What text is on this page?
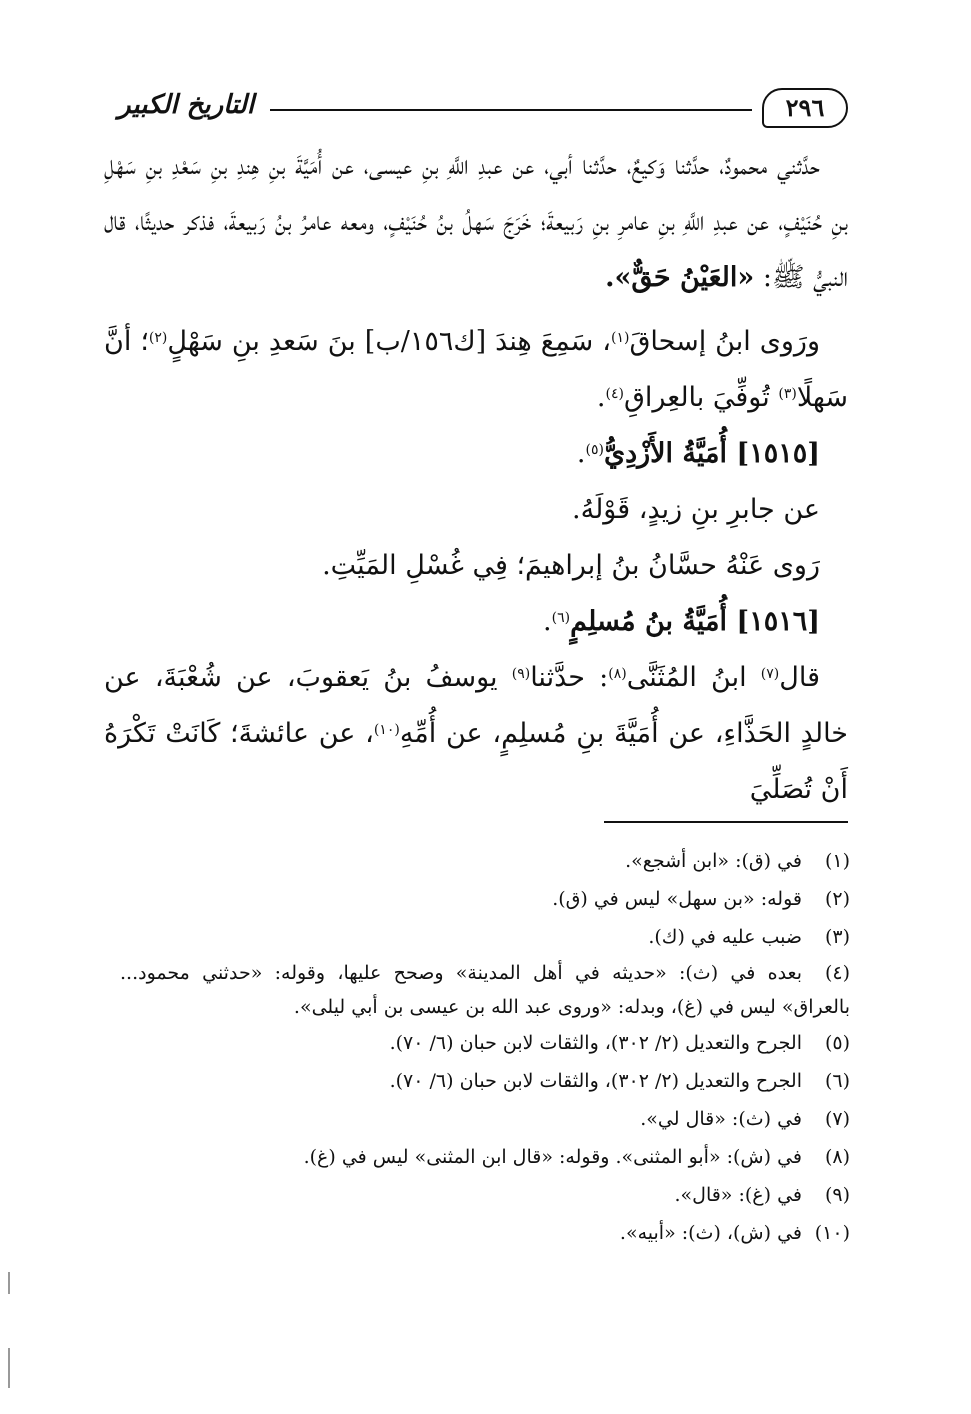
التاريخ الكبير	٢٩٦

حدَّثني محمودٌ، حدَّثنا وَكيعٌ، حدَّثنا أبي، عن عبدِ اللَّهِ بنِ عيسى، عن أُمَيَّةَ بنِ هِندِ بنِ سَعْدِ بنِ سَهْلِ بنِ حُنَيْفٍ، عن عبدِ اللَّهِ بنِ عامرِ بنِ رَبيعةَ؛ خَرَجَ سَهلُ بنُ حُنَيْفٍ، ومعه عامرُ بنُ رَبيعةَ، فذكر حديثًا، قال النبيُّ ﷺ: «العَيْنُ حَقٌّ».

ورَوى ابنُ إسحاقَ$^{(١)}$، سَمِعَ هِندَ [ك١٥٦/ب] بنَ سَعدِ بنِ سَهْلٍ$^{(٢)}$؛ أنَّ سَهلًا$^{(٣)}$ تُوفِّيَ بالعِراقِ$^{(٤)}$.

[١٥١٥] أُمَيَّةُ الأَزْدِيُّ$^{(٥)}$.

عن جابرِ بنِ زيدٍ، قَوْلَهُ.

رَوى عَنْهُ حسَّانُ بنُ إبراهيمَ؛ فِي غُسْلِ المَيِّتِ.

[١٥١٦] أُمَيَّةُ بنُ مُسلِمٍ$^{(٦)}$.

قال$^{(٧)}$ ابنُ المُثَنَّى$^{(٨)}$: حدَّثنا$^{(٩)}$ يوسفُ بنُ يَعقوبَ، عن شُعْبَةَ، عن خالدٍ الحَذَّاءِ، عن أُمَيَّةَ بنِ مُسلِمٍ، عن أُمِّهِ$^{(١٠)}$، عن عائشةَ؛ كَانَتْ تَكْرَهُ أَنْ تُصَلِّيَ

(١)في (ق): «ابن أشجع».
(٢)قوله: «بن سهل» ليس في (ق).
(٣)ضبب عليه في (ك).
(٤)بعده في (ث): «حديثه في أهل المدينة» وصحح عليها، وقوله: «حدثني محمود... بالعراق» ليس في (غ)، وبدله: «وروى عبد الله بن عيسى بن أبي ليلى».
(٥)الجرح والتعديل (٢/ ٣٠٢)، والثقات لابن حبان (٦/ ٧٠).
(٦)الجرح والتعديل (٢/ ٣٠٢)، والثقات لابن حبان (٦/ ٧٠).
(٧)في (ث): «قال لي».
(٨)في (ش): «أبو المثنى». وقوله: «قال ابن المثنى» ليس في (غ).
(٩)في (غ): «قال».
(١٠)في (ش)، (ث): «أبيه».
